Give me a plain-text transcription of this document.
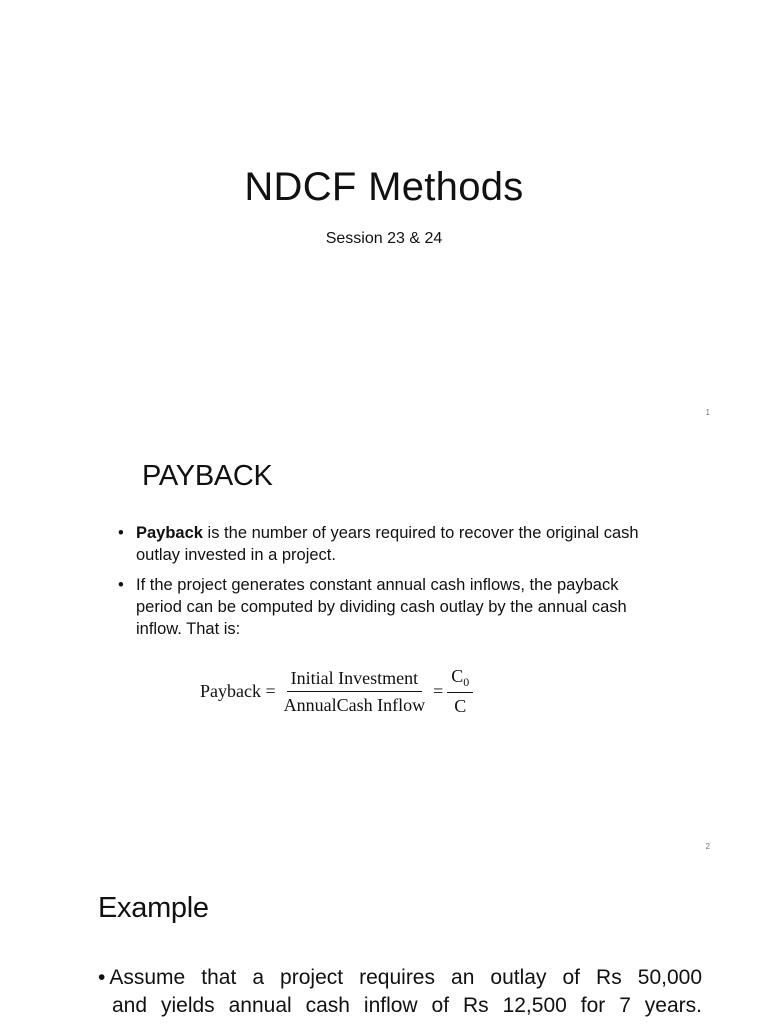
NDCF Methods
Session 23 & 24
1
PAYBACK
• Payback is the number of years required to recover the original cash outlay invested in a project.
• If the project generates constant annual cash inflows, the payback period can be computed by dividing cash outlay by the annual cash inflow. That is:
Payback = $\frac{\text{Initial Investment}}{\text{AnnualCash Inflow}} = \frac{C_0}{C}$
2
Example
• Assume that a project requires an outlay of Rs 50,000
and yields annual cash inflow of Rs 12,500 for 7 years.
